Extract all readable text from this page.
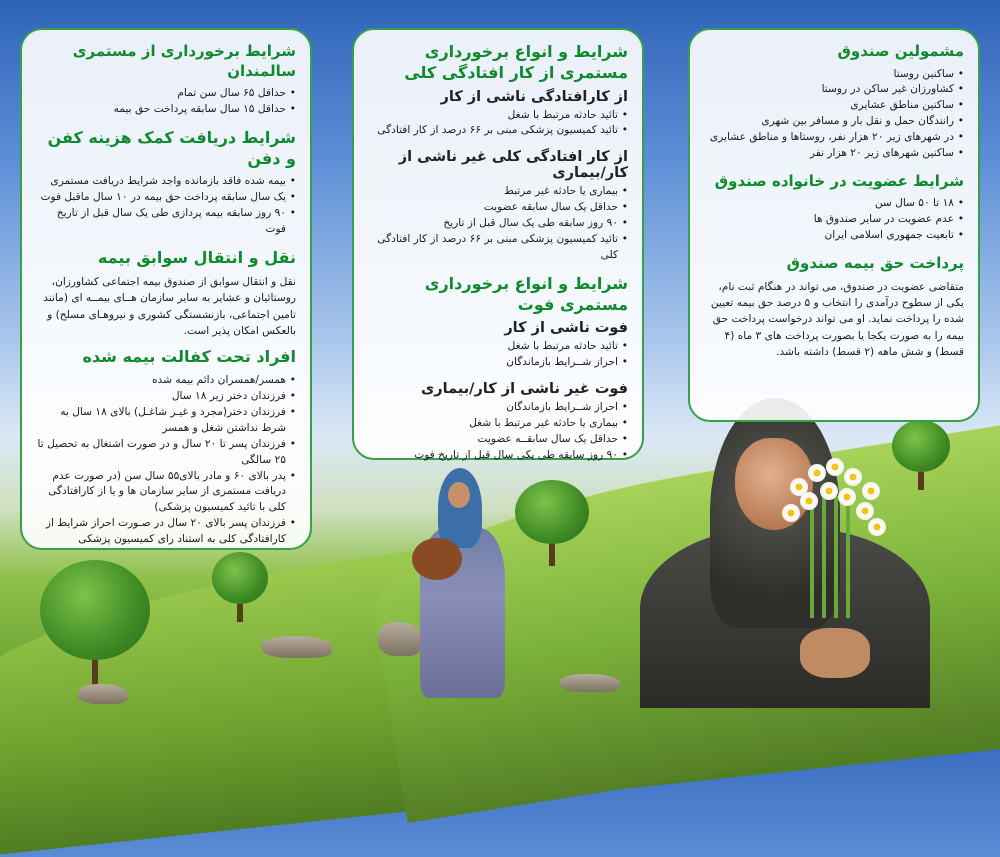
مشمولین صندوق
• ساکنین روستا
• کشاورزان غیر ساکن در روستا
• ساکنین مناطق عشایری
• رانندگان حمل و نقل بار و مسافر بین شهری
• در شهرهای زیر ۲۰ هزار نفر، روستاها و مناطق عشایری
• ساکنین شهرهای زیر ۲۰ هزار نفر
شرایط عضویت در خانواده صندوق
• ۱۸ تا ۵۰ سال سن
• عدم عضویت در سایر صندوق ها
• تابعیت جمهوری اسلامی ایران
پرداخت حق بیمه صندوق

متقاضی عضویت در صندوق، می تواند در هنگام ثبت نام، یکی از سطوح درآمدی را انتخاب و ۵ درصد حق بیمه تعیین شده را پرداخت نماید. او می تواند درخواست پرداخت حق بیمه را به صورت یکجا یا بصورت پرداخت های ۳ ماه (۴ قسط) و شش ماهه (۲ قسط) داشته باشد.

شرایط و انواع برخورداری مستمری از کار افتادگی کلی
از کارافتادگی ناشی از کار
• تائید حادثه مرتبط با شغل
• تائید کمیسیون پزشکی مبنی بر ۶۶ درصد از کار افتادگی
از کار افتادگی کلی غیر ناشی از کار/بیماری
• بیماری یا حادثه غیر مرتبط
• حداقل یک سال سابقه عضویت
• ۹۰ روز سابقه طی یک سال قبل از تاریخ
• تائید کمیسیون پزشکی مبنی بر ۶۶ درصد از کار افتادگی کلی
شرایط و انواع برخورداری مستمری فوت
فوت ناشی از کار
• تائید حادثه مرتبط با شغل
• احراز شــرایط بازماندگان
فوت غیر ناشی از کار/بیماری
• احراز شــرایط بازماندگان
• بیماری یا حادثه غیر مرتبط با شغل
• حداقل یک سال سابقــه عضویت
• ۹۰ روز سابقه طی یکی سال قبل از تاریخ فوت
شرایط برخورداری از مستمری سالمندان
• حداقل ۶۵ سال سن تمام
• حداقل ۱۵ سال سابقه پرداخت حق بیمه
شرایط دریافت کمک هزینه کفن و دفن
• بیمه شده فاقد بازمانده واجد شرایط دریافت مستمری
• یک سال سابقه پرداخت حق بیمه در ۱۰ سال ماقبل فوت
• ۹۰ روز سابقه بیمه پردازی طی یک سال قبل از تاریخ فوت
نقل و انتقال سوابق بیمه

نقل و انتقال سوابق از صندوق بیمه اجتماعی کشاورزان، روستائیان و عشایر به سایر سازمان هــای بیمــه ای (مانند تامین اجتماعی، بازنشستگی کشوری و نیروهـای مسلح) و بالعکس امکان پذیر است.

افراد تحت کفالت بیمه شده
• همسر/همسران دائم بیمه شده
• فرزندان دختر زیر ۱۸ سال
• فرزندان دختر(مجرد و غیـر شاغـل) بالای ۱۸ سال به شرط نداشتن شغل و همسر
• فرزندان پسر تا ۲۰ سال و در صورت اشتغال به تحصیل تا ۲۵ سالگی
• پدر بالای ۶۰ و مادر بالای۵۵ سال سن (در صورت عدم دریافت مستمری از سایر سازمان ها و یا از کارافتادگی کلی با تائید کمیسیون پزشکی)
• فرزندان پسر بالای ۲۰ سال در صـورت احراز شرایط از کارافتادگی کلی به استناد رای کمیسیون پزشکی
